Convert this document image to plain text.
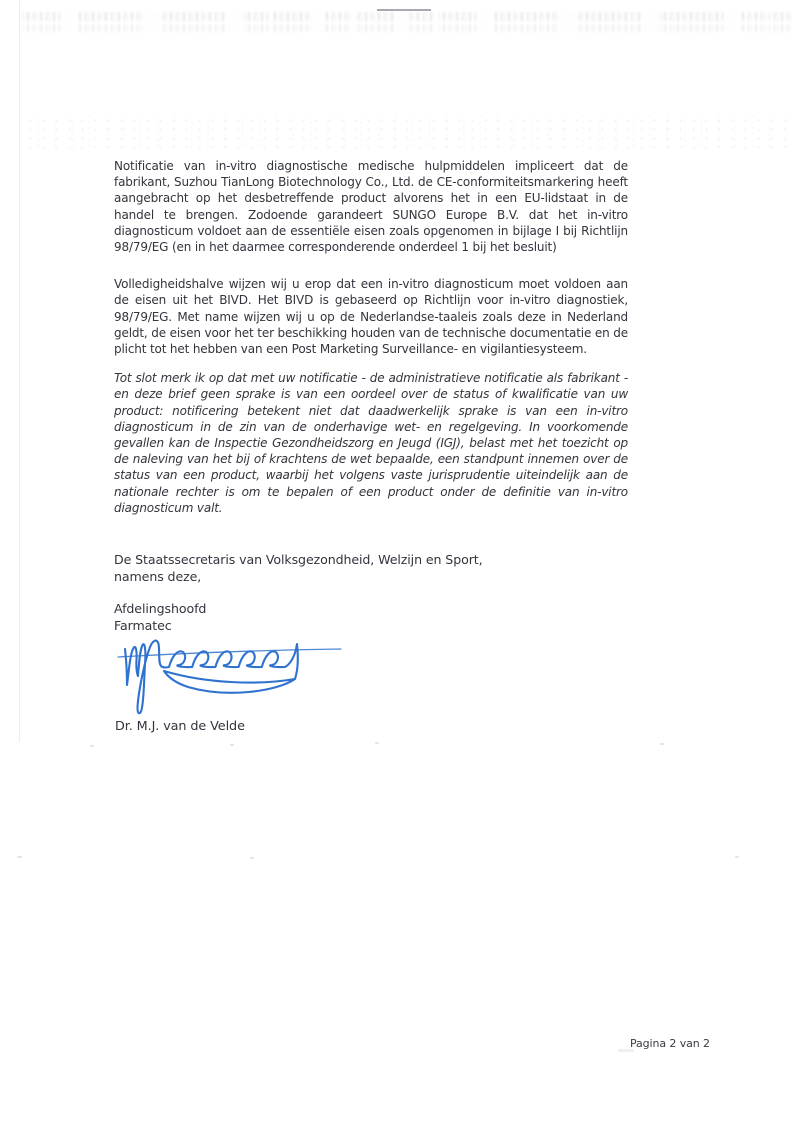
Notificatie van in-vitro diagnostische medische hulpmiddelen impliceert dat de fabrikant, Suzhou TianLong Biotechnology Co., Ltd. de CE-conformiteitsmarkering heeft aangebracht op het desbetreffende product alvorens het in een EU-lidstaat in de handel te brengen. Zodoende garandeert SUNGO Europe B.V. dat het in-vitro diagnosticum voldoet aan de essentiële eisen zoals opgenomen in bijlage I bij Richtlijn 98/79/EG (en in het daarmee corresponderende onderdeel 1 bij het besluit)

Volledigheidshalve wijzen wij u erop dat een in-vitro diagnosticum moet voldoen aan de eisen uit het BIVD. Het BIVD is gebaseerd op Richtlijn voor in-vitro diagnostiek, 98/79/EG. Met name wijzen wij u op de Nederlandse-taaleis zoals deze in Nederland geldt, de eisen voor het ter beschikking houden van de technische documentatie en de plicht tot het hebben van een Post Marketing Surveillance- en vigilantiesysteem.

Tot slot merk ik op dat met uw notificatie - de administratieve notificatie als fabrikant - en deze brief geen sprake is van een oordeel over de status of kwalificatie van uw product: notificering betekent niet dat daadwerkelijk sprake is van een in-vitro diagnosticum in de zin van de onderhavige wet- en regelgeving. In voorkomende gevallen kan de Inspectie Gezondheidszorg en Jeugd (IGJ), belast met het toezicht op de naleving van het bij of krachtens de wet bepaalde, een standpunt innemen over de status van een product, waarbij het volgens vaste jurisprudentie uiteindelijk aan de nationale rechter is om te bepalen of een product onder de definitie van in-vitro diagnosticum valt.

De Staatssecretaris van Volksgezondheid, Welzijn en Sport,
namens deze,
Afdelingshoofd
Farmatec
Dr. M.J. van de Velde
Pagina 2 van 2
